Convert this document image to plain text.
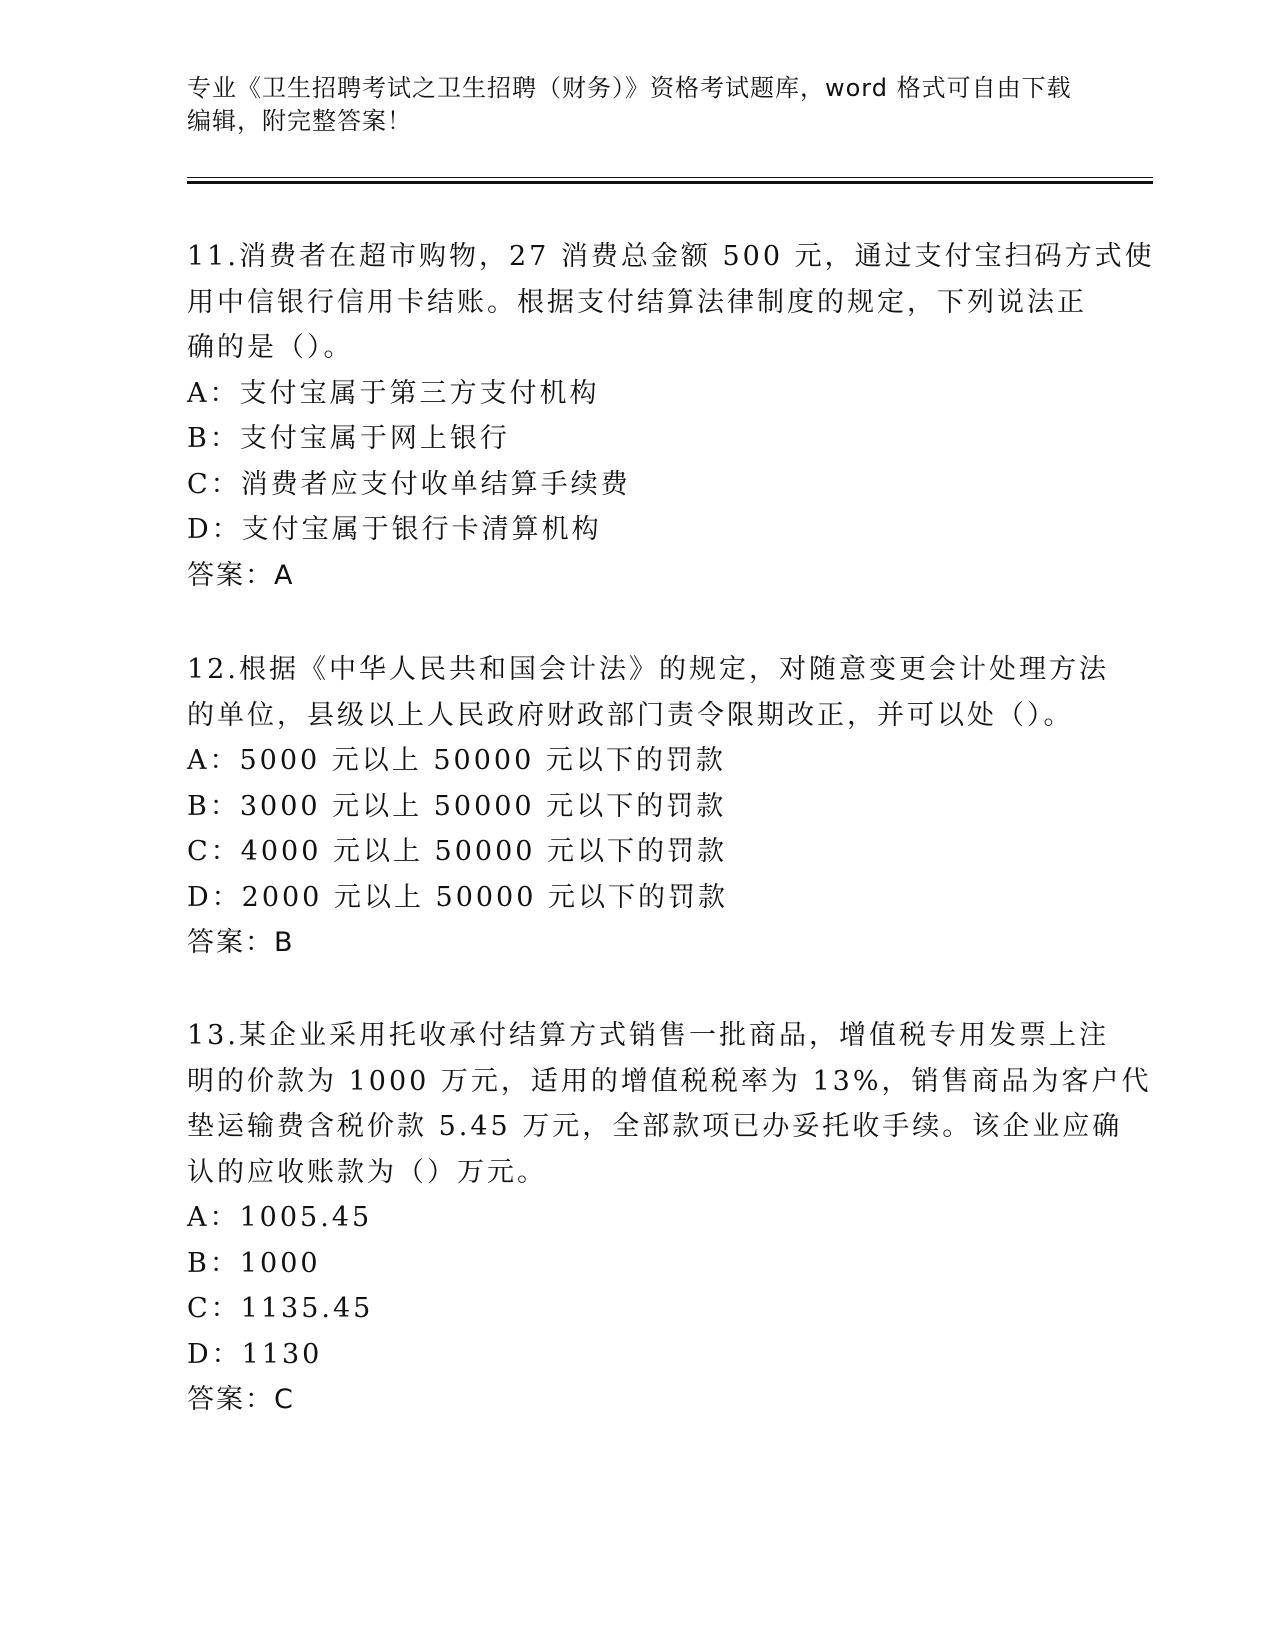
专业《卫生招聘考试之卫生招聘（财务）》资格考试题库，word 格式可自由下载
编辑，附完整答案！
11.消费者在超市购物，27 消费总金额 500 元，通过支付宝扫码方式使
用中信银行信用卡结账。根据支付结算法律制度的规定，下列说法正
确的是（）。
A：支付宝属于第三方支付机构
B：支付宝属于网上银行
C：消费者应支付收单结算手续费
D：支付宝属于银行卡清算机构
答案：A
12.根据《中华人民共和国会计法》的规定，对随意变更会计处理方法
的单位，县级以上人民政府财政部门责令限期改正，并可以处（）。
A：5000 元以上 50000 元以下的罚款
B：3000 元以上 50000 元以下的罚款
C：4000 元以上 50000 元以下的罚款
D：2000 元以上 50000 元以下的罚款
答案：B
13.某企业采用托收承付结算方式销售一批商品，增值税专用发票上注
明的价款为 1000 万元，适用的增值税税率为 13%，销售商品为客户代
垫运输费含税价款 5.45 万元，全部款项已办妥托收手续。该企业应确
认的应收账款为（）万元。
A：1005.45
B：1000
C：1135.45
D：1130
答案：C
